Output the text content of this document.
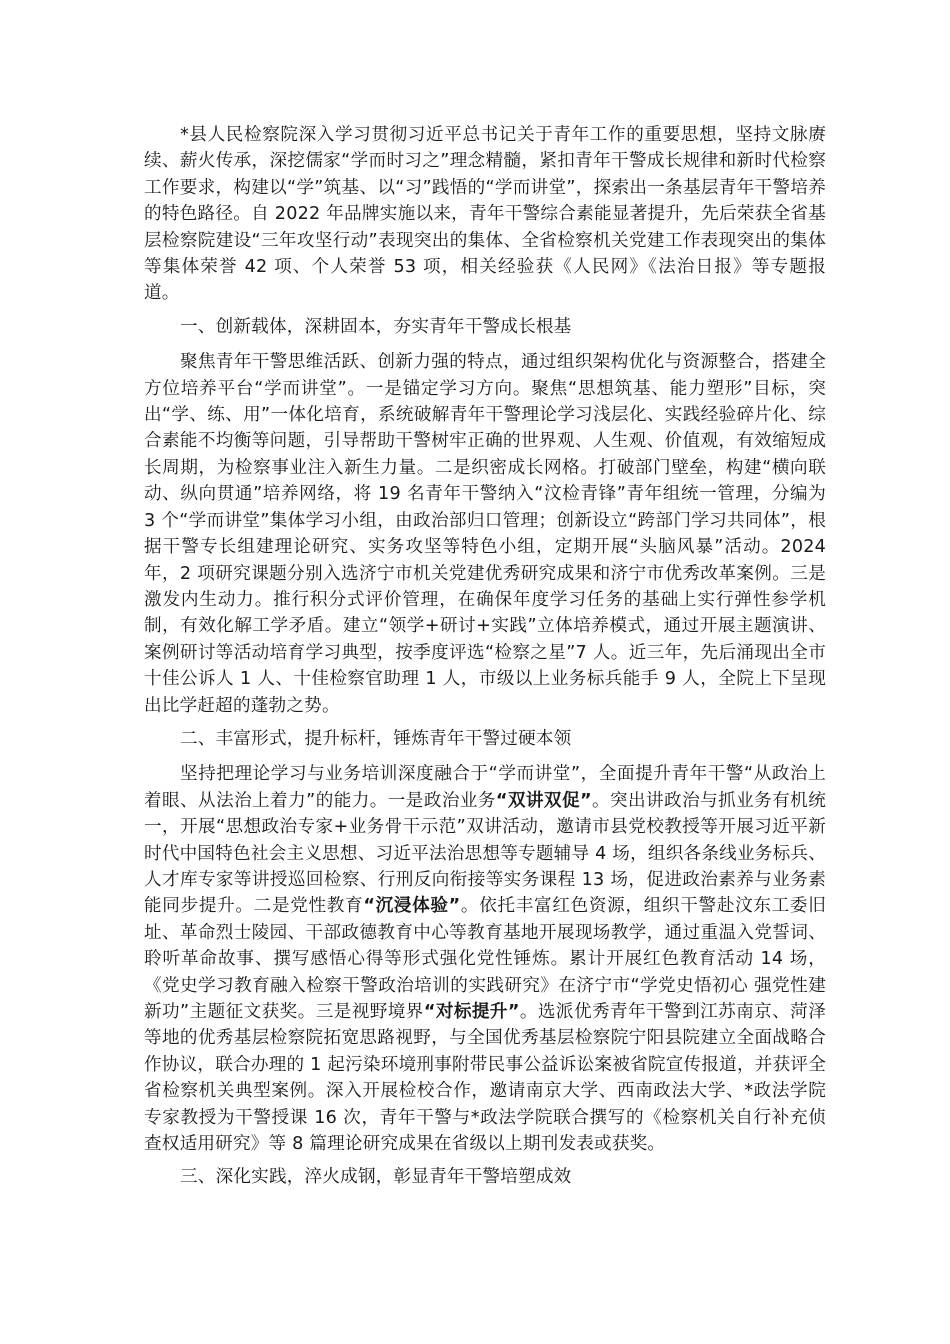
*县人民检察院深入学习贯彻习近平总书记关于青年工作的重要思想，坚持文脉赓续、薪火传承，深挖儒家“学而时习之”理念精髓，紧扣青年干警成长规律和新时代检察工作要求，构建以“学”筑基、以“习”践悟的“学而讲堂”，探索出一条基层青年干警培养的特色路径。自 2022 年品牌实施以来，青年干警综合素能显著提升，先后荣获全省基层检察院建设“三年攻坚行动”表现突出的集体、全省检察机关党建工作表现突出的集体等集体荣誉 42 项、个人荣誉 53 项，相关经验获《人民网》《法治日报》等专题报道。

一、创新载体，深耕固本，夯实青年干警成长根基

聚焦青年干警思维活跃、创新力强的特点，通过组织架构优化与资源整合，搭建全方位培养平台“学而讲堂”。一是锚定学习方向。聚焦“思想筑基、能力塑形”目标，突出“学、练、用”一体化培育，系统破解青年干警理论学习浅层化、实践经验碎片化、综合素能不均衡等问题，引导帮助干警树牢正确的世界观、人生观、价值观，有效缩短成长周期，为检察事业注入新生力量。二是织密成长网格。打破部门壁垒，构建“横向联动、纵向贯通”培养网络，将 19 名青年干警纳入“汶检青锋”青年组统一管理，分编为 3 个“学而讲堂”集体学习小组，由政治部归口管理；创新设立“跨部门学习共同体”，根据干警专长组建理论研究、实务攻坚等特色小组，定期开展“头脑风暴”活动。2024 年，2 项研究课题分别入选济宁市机关党建优秀研究成果和济宁市优秀改革案例。三是激发内生动力。推行积分式评价管理，在确保年度学习任务的基础上实行弹性参学机制，有效化解工学矛盾。建立“领学+研讨+实践”立体培养模式，通过开展主题演讲、案例研讨等活动培育学习典型，按季度评选“检察之星”7 人。近三年，先后涌现出全市十佳公诉人 1 人、十佳检察官助理 1 人，市级以上业务标兵能手 9 人，全院上下呈现出比学赶超的蓬勃之势。

二、丰富形式，提升标杆，锤炼青年干警过硬本领

坚持把理论学习与业务培训深度融合于“学而讲堂”，全面提升青年干警“从政治上着眼、从法治上着力”的能力。一是政治业务“双讲双促”。突出讲政治与抓业务有机统一，开展“思想政治专家+业务骨干示范”双讲活动，邀请市县党校教授等开展习近平新时代中国特色社会主义思想、习近平法治思想等专题辅导 4 场，组织各条线业务标兵、人才库专家等讲授巡回检察、行刑反向衔接等实务课程 13 场，促进政治素养与业务素能同步提升。二是党性教育“沉浸体验”。依托丰富红色资源，组织干警赴汶东工委旧址、革命烈士陵园、干部政德教育中心等教育基地开展现场教学，通过重温入党誓词、聆听革命故事、撰写感悟心得等形式强化党性锤炼。累计开展红色教育活动 14 场，《党史学习教育融入检察干警政治培训的实践研究》在济宁市“学党史悟初心 强党性建新功”主题征文获奖。三是视野境界“对标提升”。选派优秀青年干警到江苏南京、菏泽等地的优秀基层检察院拓宽思路视野，与全国优秀基层检察院宁阳县院建立全面战略合作协议，联合办理的 1 起污染环境刑事附带民事公益诉讼案被省院宣传报道，并获评全省检察机关典型案例。深入开展检校合作，邀请南京大学、西南政法大学、*政法学院专家教授为干警授课 16 次，青年干警与*政法学院联合撰写的《检察机关自行补充侦查权适用研究》等 8 篇理论研究成果在省级以上期刊发表或获奖。

三、深化实践，淬火成钢，彰显青年干警培塑成效
